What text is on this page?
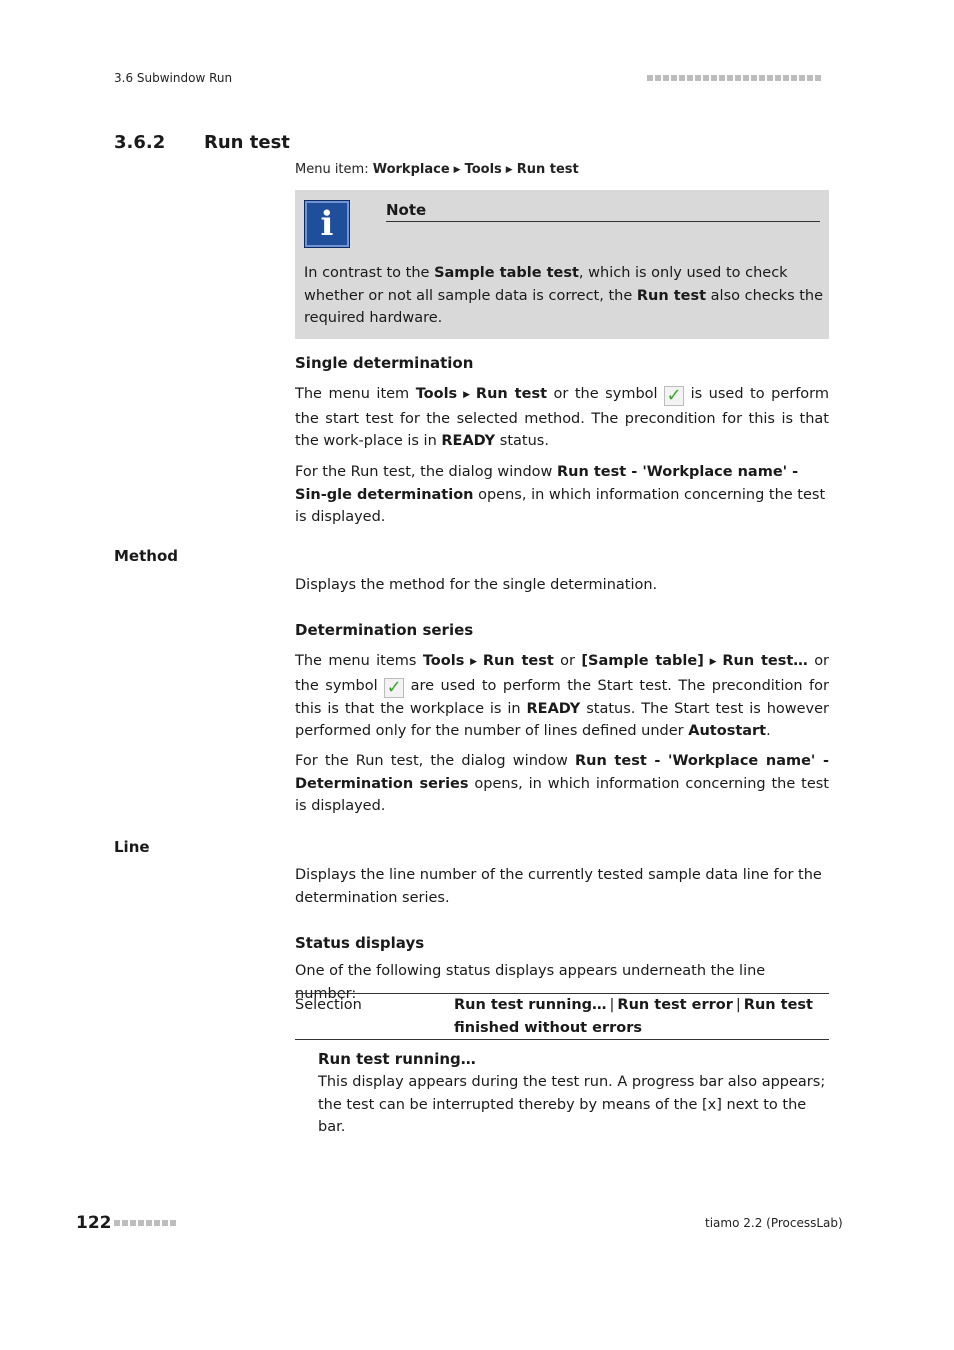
3.6 Subwindow Run
3.6.2 Run test
Menu item: Workplace ▶ Tools ▶ Run test
i	Note
In contrast to the Sample table test, which is only used to check whether or not all sample data is correct, the Run test also checks the required hardware.
Single determination
The menu item Tools ▶ Run test or the symbol ✓ is used to perform the start test for the selected method. The precondition for this is that the work-place is in READY status.
For the Run test, the dialog window Run test - 'Workplace name' - Sin-gle determination opens, in which information concerning the test is displayed.
Method
Displays the method for the single determination.
Determination series
The menu items Tools ▶ Run test or [Sample table] ▶ Run test… or the symbol ✓ are used to perform the Start test. The precondition for this is that the workplace is in READY status. The Start test is however performed only for the number of lines defined under Autostart.
For the Run test, the dialog window Run test - 'Workplace name' - Determination series opens, in which information concerning the test is displayed.
Line
Displays the line number of the currently tested sample data line for the determination series.
Status displays
One of the following status displays appears underneath the line number:
Selection	Run test running… | Run test error | Run test finished without errors
Run test running…
This display appears during the test run. A progress bar also appears; the test can be interrupted thereby by means of the [x] next to the bar.
122	tiamo 2.2 (ProcessLab)
